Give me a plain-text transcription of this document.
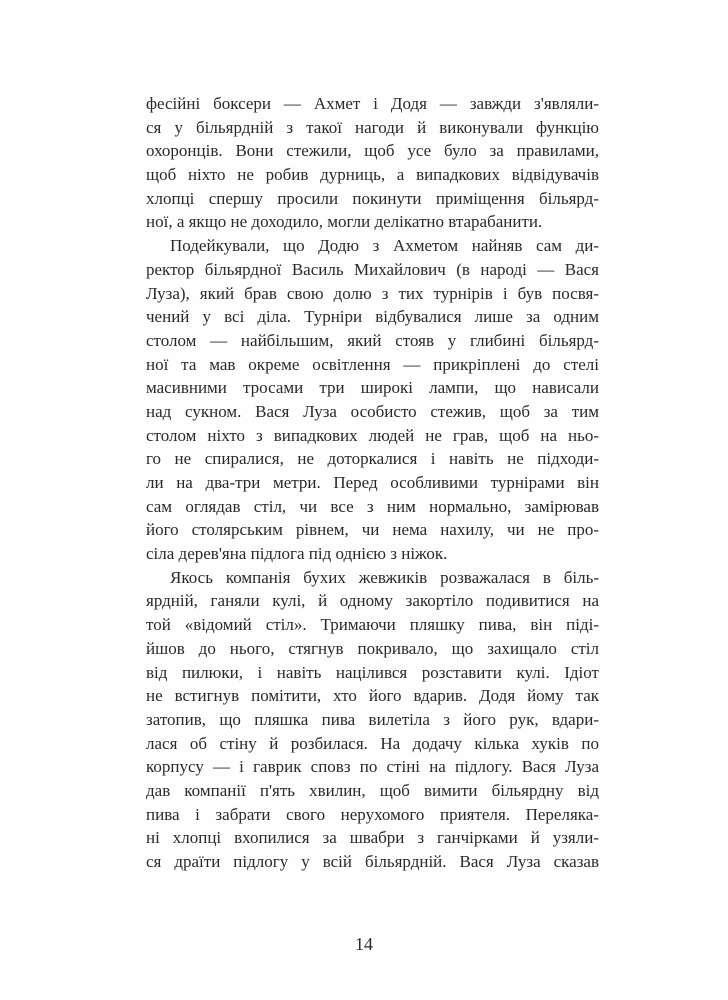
фесійні боксери — Ахмет і Додя — завжди з'являли-
ся у більярдній з такої нагоди й виконували функцію
охоронців. Вони стежили, щоб усе було за правилами,
щоб ніхто не робив дурниць, а випадкових відвідувачів
хлопці спершу просили покинути приміщення більярд-
ної, а якщо не доходило, могли делікатно втарабанити.
Подейкували, що Додю з Ахметом найняв сам ди-
ректор більярдної Василь Михайлович (в народі — Вася
Луза), який брав свою долю з тих турнірів і був посвя-
чений у всі діла. Турніри відбувалися лише за одним
столом — найбільшим, який стояв у глибині більярд-
ної та мав окреме освітлення — прикріплені до стелі
масивними тросами три широкі лампи, що нависали
над сукном. Вася Луза особисто стежив, щоб за тим
столом ніхто з випадкових людей не грав, щоб на ньо-
го не спиралися, не доторкалися і навіть не підходи-
ли на два-три метри. Перед особливими турнірами він
сам оглядав стіл, чи все з ним нормально, замірював
його столярським рівнем, чи нема нахилу, чи не про-
сіла дерев'яна підлога під однією з ніжок.
Якось компанія бухих жевжиків розважалася в біль-
ярдній, ганяли кулі, й одному закортіло подивитися на
той «відомий стіл». Тримаючи пляшку пива, він піді-
йшов до нього, стягнув покривало, що захищало стіл
від пилюки, і навіть націлився розставити кулі. Ідіот
не встигнув помітити, хто його вдарив. Додя йому так
затопив, що пляшка пива вилетіла з його рук, вдари-
лася об стіну й розбилася. На додачу кілька хуків по
корпусу — і гаврик сповз по стіні на підлогу. Вася Луза
дав компанії п'ять хвилин, щоб вимити більярдну від
пива і забрати свого нерухомого приятеля. Переляка-
ні хлопці вхопилися за швабри з ганчірками й узяли-
ся драїти підлогу у всій більярдній. Вася Луза сказав
14
